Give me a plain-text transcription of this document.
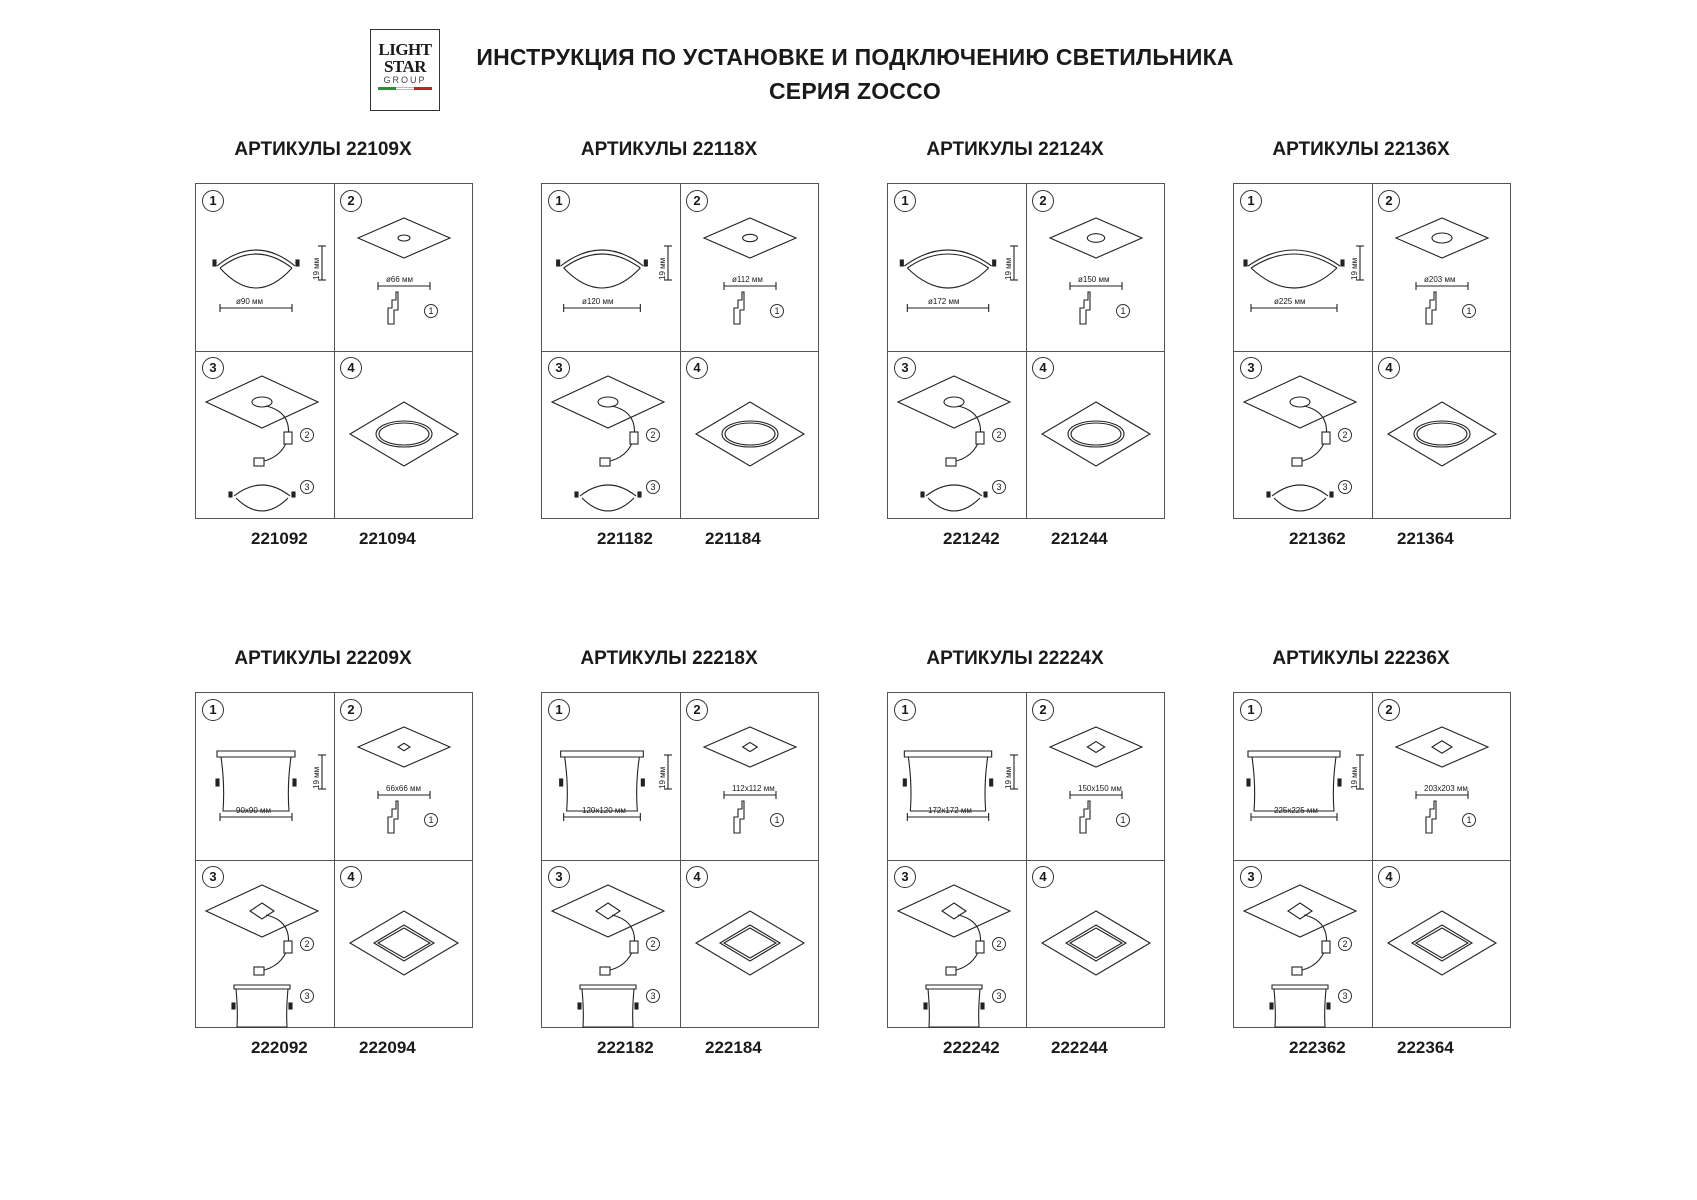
LIGHT
STAR
GROUP
ИНСТРУКЦИЯ ПО УСТАНОВКЕ И ПОДКЛЮЧЕНИЮ СВЕТИЛЬНИКА
СЕРИЯ ZOCCO
АРТИКУЛЫ 22109X
1	2
3	4
1
2
3
ø90 мм
ø66 мм
19 мм
221092	221094
АРТИКУЛЫ 22118X
1	2
3	4
1
2
3
ø120 мм
ø112 мм
19 мм
221182	221184
АРТИКУЛЫ 22124X
1	2
3	4
1
2
3
ø172 мм
ø150 мм
19 мм
221242	221244
АРТИКУЛЫ 22136X
1	2
3	4
1
2
3
ø225 мм
ø203 мм
19 мм
221362	221364
АРТИКУЛЫ 22209X
1	2
3	4
1
2
3
90x90 мм
66x66 мм
19 мм
222092	222094
АРТИКУЛЫ 22218X
1	2
3	4
1
2
3
120x120 мм
112x112 мм
19 мм
222182	222184
АРТИКУЛЫ 22224X
1	2
3	4
1
2
3
172x172 мм
150x150 мм
19 мм
222242	222244
АРТИКУЛЫ 22236X
1	2
3	4
1
2
3
225x225 мм
203x203 мм
19 мм
222362	222364
